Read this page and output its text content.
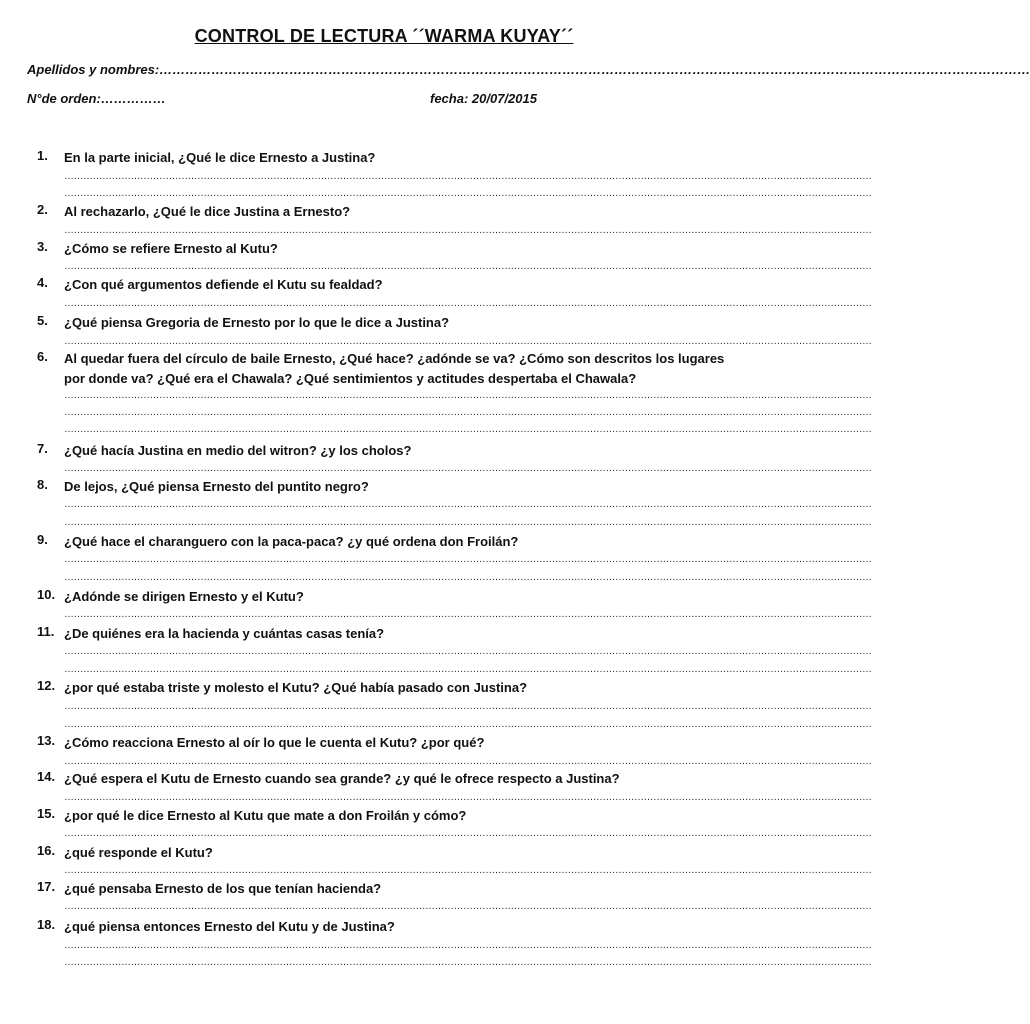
CONTROL DE LECTURA ´´WARMA KUYAY´´
Apellidos y nombres:…………………………………………………………………………………………………………………………………………………………………………………
N°de orden:……………	fecha: 20/07/2015
1.	En la parte inicial, ¿Qué le dice Ernesto a Justina?
…………………………………………………………………………………………………………………………………………………………………………………………………………………………………
…………………………………………………………………………………………………………………………………………………………………………………………………………………………………
2.	Al rechazarlo, ¿Qué le dice Justina a Ernesto?
…………………………………………………………………………………………………………………………………………………………………………………………………………………………………
3.	¿Cómo se refiere Ernesto al Kutu?
…………………………………………………………………………………………………………………………………………………………………………………………………………………………………
4.	¿Con qué argumentos defiende el Kutu su fealdad?
…………………………………………………………………………………………………………………………………………………………………………………………………………………………………
5.	¿Qué piensa Gregoria de Ernesto por lo que le dice a Justina?
…………………………………………………………………………………………………………………………………………………………………………………………………………………………………
6.	Al quedar fuera del círculo de baile Ernesto, ¿Qué hace? ¿adónde se va? ¿Cómo son descritos los lugares por donde va? ¿Qué era el Chawala? ¿Qué sentimientos y actitudes despertaba el Chawala?
…………………………………………………………………………………………………………………………………………………………………………………………………………………………………
…………………………………………………………………………………………………………………………………………………………………………………………………………………………………
…………………………………………………………………………………………………………………………………………………………………………………………………………………………………
7.	¿Qué hacía Justina en medio del witron? ¿y los cholos?
…………………………………………………………………………………………………………………………………………………………………………………………………………………………………
8.	De lejos, ¿Qué piensa Ernesto del puntito negro?
…………………………………………………………………………………………………………………………………………………………………………………………………………………………………
…………………………………………………………………………………………………………………………………………………………………………………………………………………………………
9.	¿Qué hace el charanguero con la paca-paca? ¿y qué ordena don Froilán?
…………………………………………………………………………………………………………………………………………………………………………………………………………………………………
…………………………………………………………………………………………………………………………………………………………………………………………………………………………………
10. ¿Adónde se dirigen Ernesto y el Kutu?
…………………………………………………………………………………………………………………………………………………………………………………………………………………………………
11. ¿De quiénes era la hacienda y cuántas casas tenía?
…………………………………………………………………………………………………………………………………………………………………………………………………………………………………
…………………………………………………………………………………………………………………………………………………………………………………………………………………………………
12. ¿por qué estaba triste y molesto el Kutu? ¿Qué había pasado con Justina?
…………………………………………………………………………………………………………………………………………………………………………………………………………………………………
…………………………………………………………………………………………………………………………………………………………………………………………………………………………………
13. ¿Cómo reacciona Ernesto al oír lo que le cuenta el Kutu? ¿por qué?
…………………………………………………………………………………………………………………………………………………………………………………………………………………………………
14. ¿Qué espera el Kutu de Ernesto cuando sea grande? ¿y qué le ofrece respecto a Justina?
…………………………………………………………………………………………………………………………………………………………………………………………………………………………………
15. ¿por qué le dice Ernesto al Kutu que mate a don Froilán y cómo?
…………………………………………………………………………………………………………………………………………………………………………………………………………………………………
16. ¿qué responde el Kutu?
…………………………………………………………………………………………………………………………………………………………………………………………………………………………………
17. ¿qué pensaba Ernesto de los que tenían hacienda?
…………………………………………………………………………………………………………………………………………………………………………………………………………………………………
18. ¿qué piensa entonces Ernesto del Kutu y de Justina?
…………………………………………………………………………………………………………………………………………………………………………………………………………………………………
…………………………………………………………………………………………………………………………………………………………………………………………………………………………………
